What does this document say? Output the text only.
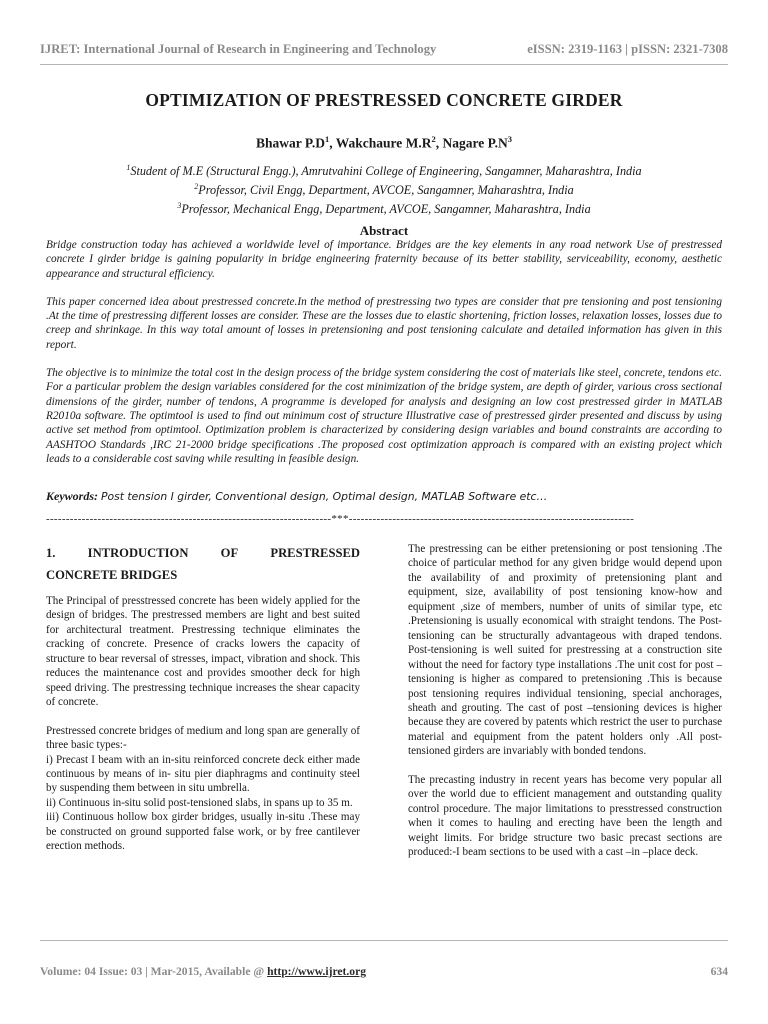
IJRET: International Journal of Research in Engineering and Technology	eISSN: 2319-1163 | pISSN: 2321-7308
OPTIMIZATION OF PRESTRESSED CONCRETE GIRDER
Bhawar $P.D^1$, Wakchaure $M.R^2$, Nagare $P.N^3$
$^1$Student of M.E (Structural Engg.), Amrutvahini College of Engineering, Sangamner, Maharashtra, India
$^2$Professor, Civil Engg, Department, AVCOE, Sangamner, Maharashtra, India
$^3$Professor, Mechanical Engg, Department, AVCOE, Sangamner, Maharashtra, India
Abstract

Bridge construction today has achieved a worldwide level of importance. Bridges are the key elements in any road network Use of prestressed concrete I girder bridge is gaining popularity in bridge engineering fraternity because of its better stability, serviceability, economy, aesthetic appearance and structural efficiency.

This paper concerned idea about prestressed concrete.In the method of prestressing two types are consider that pre tensioning and post tensioning .At the time of prestressing different losses are consider. These are the losses due to elastic shortening, friction losses, relaxation losses, losses due to creep and shrinkage. In this way total amount of losses in pretensioning and post tensioning calculate and detailed information has given in this report.

The objective is to minimize the total cost in the design process of the bridge system considering the cost of materials like steel, concrete, tendons etc. For a particular problem the design variables considered for the cost minimization of the bridge system, are depth of girder, various cross sectional dimensions of the girder, number of tendons, A programme is developed for analysis and designing an low cost prestressed girder in MATLAB R2010a software. The optimtool is used to find out minimum cost of structure Illustrative case of prestressed girder presented and discuss by using active set method from optimtool. Optimization problem is characterized by considering design variables and bound constraints are according to AASHTOO Standards ,IRC 21-2000 bridge specifications .The proposed cost optimization approach is compared with an existing project which leads to a considerable cost saving while resulting in feasible design.

Keywords: Post tension I girder, Conventional design, Optimal design, MATLAB Software etc…
------------------------------------------------------------------------***------------------------------------------------------------------------
1.	INTRODUCTION	OF	PRESTRESSED
CONCRETE BRIDGES

The Principal of presstressed concrete has been widely applied for the design of bridges. The prestressed members are light and best suited for architectural treatment. Prestressing technique eliminates the cracking of concrete. Presence of cracks lowers the capacity of structure to bear reversal of stresses, impact, vibration and shock. This reduces the maintenance cost and provides smoother deck for high speed driving. The prestressing technique increases the shear capacity of concrete.

Prestressed concrete bridges of medium and long span are generally of three basic types:-
i) Precast I beam with an in-situ reinforced concrete deck either made continuous by means of in- situ pier diaphragms and continuity steel by suspending them between in situ umbrella.
ii) Continuous in-situ solid post-tensioned slabs, in spans up to 35 m.
iii) Continuous hollow box girder bridges, usually in-situ .These may be constructed on ground supported false work, or by free cantilever erection methods.

The prestressing can be either pretensioning or post tensioning .The choice of particular method for any given bridge would depend upon the availability of and proximity of pretensioning plant and equipment, size, availability of post tensioning know-how and equipment ,size of members, number of units of similar type, etc .Pretensioning is usually economical with straight tendons. The Post-tensioning can be structurally advantageous with draped tendons. Post-tensioning is well suited for prestressing at a construction site without the need for factory type installations .The unit cost for post –tensioning is higher as compared to pretensioning .This is because post tensioning requires individual tensioning, special anchorages, sheath and grouting. The cast of post –tensioning devices is higher because they are covered by patents which restrict the user to purchase material and equipment from the patent holders only .All post-tensioned girders are invariably with bonded tendons.

The precasting industry in recent years has become very popular all over the world due to efficient management and outstanding quality control procedure. The major limitations to presstressed construction when it comes to hauling and erecting have been the length and weight limits. For bridge structure two basic precast sections are produced:-I beam sections to be used with a cast –in –place deck.

Volume: 04 Issue: 03 | Mar-2015, Available @ http://www.ijret.org	634
